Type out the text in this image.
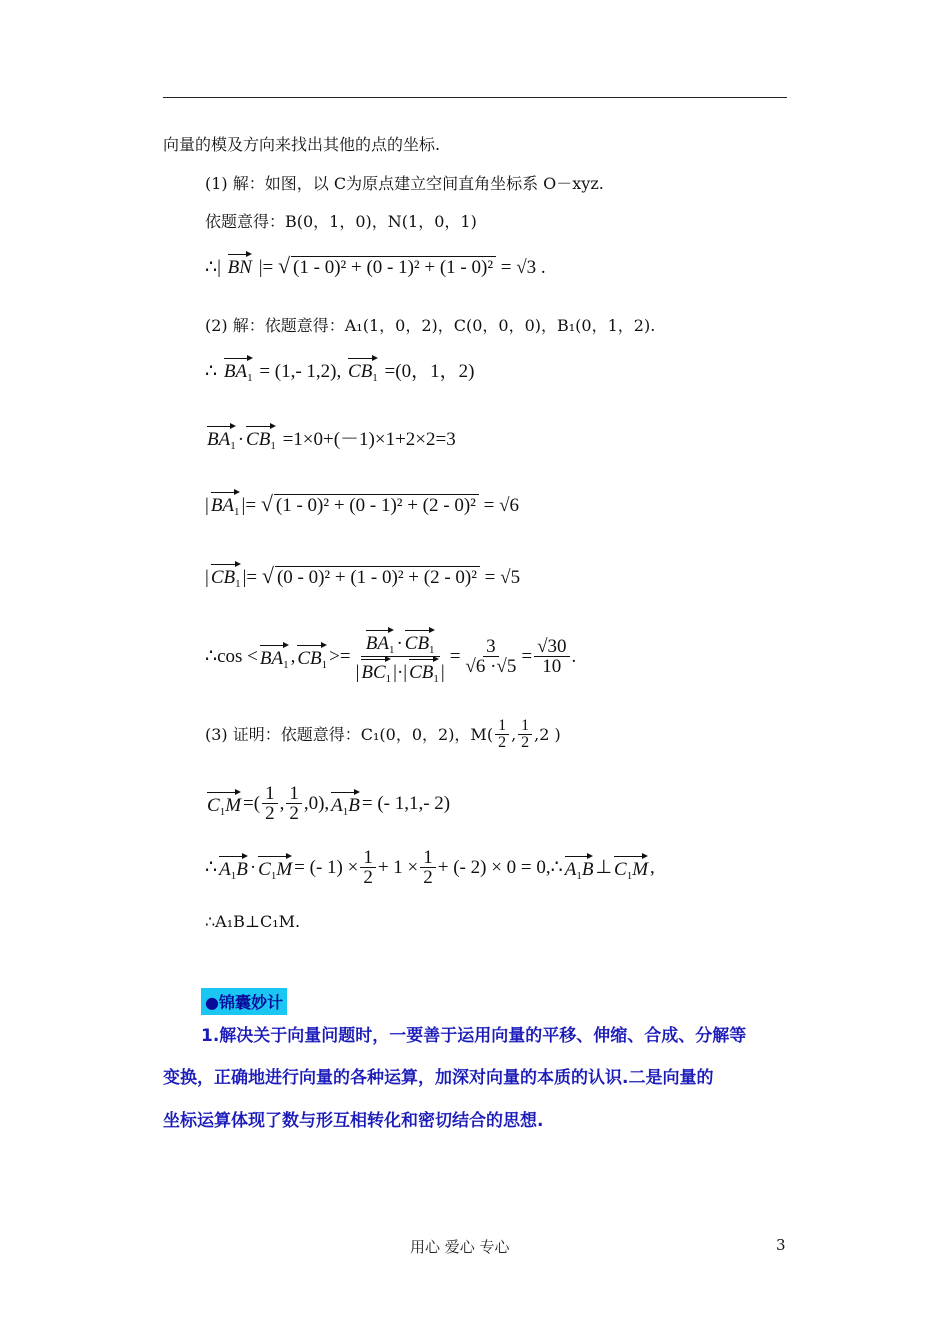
向量的模及方向来找出其他的点的坐标.
(1) 解：如图，以 C为原点建立空间直角坐标系 O－xyz.
依题意得：B(0，1，0)，N(1，0，1)
∴| BN |= √ (1 - 0)² + (0 - 1)² + (1 - 0)² = √3 .
(2) 解：依题意得：A₁(1，0，2)，C(0，0，0)，B₁(0，1，2).
∴ $BA_1 = (1,-$ 1,2), $CB_1 =(0$，1，2)
$BA_1 \cdot CB_1 =1\times 0+(-1)\times 1+2\times 2=3$
| $BA_1$ |= √ (1 - 0)² + (0 - 1)² + (2 - 0)² = √6
| $CB_1$ |= √ (0 - 0)² + (1 - 0)² + (2 - 0)² = √5
∴cos < $BA_1$ , $CB_1 >= \frac{BA_1 \cdot CB_1}{| BC_1 |\cdot| CB_1 |} = \frac{3}{√6 \cdot√5} = \frac{√30}{10}$ .
(3) 证明：依题意得：C₁(0，0，2)，$M( \frac{1}{2}$ , $\frac{1}{2} ,2$ )
$C_1M$ =( $\frac{1}{2}$ , $\frac{1}{2} ,0$), $A_1B$ = (- 1,1,- 2)
∴ $A_1B \cdot C_1M$ = (- $1) \times \frac{1}{2} + 1 \times \frac{1}{2}$ + (- 2) × 0 = 0,∴ $A_1B$ ⊥ $C_1M$ ,
∴A₁B⊥C₁M.
●锦囊妙计
1.解决关于向量问题时，一要善于运用向量的平移、伸缩、合成、分解等
变换，正确地进行向量的各种运算，加深对向量的本质的认识.二是向量的
坐标运算体现了数与形互相转化和密切结合的思想.
用心 爱心 专心	3
